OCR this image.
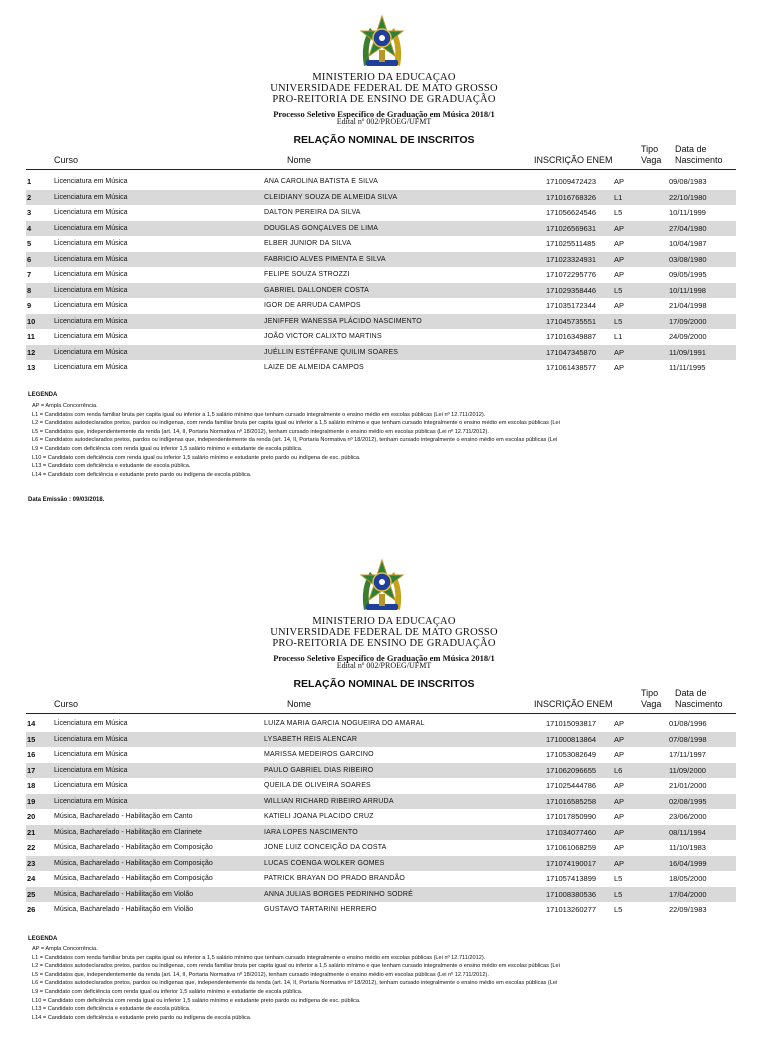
MINISTERIO DA EDUCAÇAO
UNIVERSIDADE FEDERAL DE MATO GROSSO
PRO-REITORIA DE ENSINO DE GRADUAÇÃO
Processo Seletivo Específico de Graduação em Música 2018/1
Edital nº 002/PROEG/UFMT
RELAÇÃO NOMINAL DE INSCRITOS
Curso	Nome	INSCRIÇÃO ENEM
Tipo
Vaga
Data de
Nascimento
LEGENDA
Data Emissão : 09/03/2018.
1	Licenciatura em Música	ANA CAROLINA BATISTA E SILVA	171009472423 AP	09/08/1983
2	Licenciatura em Música	CLEIDIANY SOUZA DE ALMEIDA SILVA	171016768326 L1	22/10/1980
3	Licenciatura em Música	DALTON PEREIRA DA SILVA	171056624546 L5	10/11/1999
4	Licenciatura em Música	DOUGLAS GONÇALVES DE LIMA	171026569631 AP	27/04/1980
5	Licenciatura em Música	ELBER JUNIOR DA SILVA	171025511485 AP	10/04/1987
6	Licenciatura em Música	FABRICIO ALVES PIMENTA E SILVA	171023324931 AP	03/08/1980
7	Licenciatura em Música	FELIPE SOUZA STROZZI	171072295776 AP	09/05/1995
8	Licenciatura em Música	GABRIEL DALLONDER COSTA	171029358446 L5	10/11/1998
9	Licenciatura em Música	IGOR DE ARRUDA CAMPOS	171035172344 AP	21/04/1998
10	Licenciatura em Música	JENIFFER WANESSA PLÁCIDO NASCIMENTO	171045735551 L5	17/09/2000
11	Licenciatura em Música	JOÃO VICTOR CALIXTO MARTINS	171016349887 L1	24/09/2000
12	Licenciatura em Música	JUÉLLIN ESTÉFFANE QUILIM SOARES	171047345870 AP	11/09/1991
13	Licenciatura em Música	LAIZE DE ALMEIDA CAMPOS	171061438577 AP	11/11/1995
AP = Ampla Concorrência.
L1 = Candidatos com renda familiar bruta per capita igual ou inferior a 1,5 salário mínimo que tenham cursado integralmente o ensino médio em escolas públicas (Lei nº 12.711/2012).
L2 = Candidatos autodeclarados pretos, pardos ou indígenas, com renda familiar bruta per capita igual ou inferior a 1,5 salário mínimo e que tenham cursado integralmente o ensino médio em escolas públicas (Lei
L5 = Candidatos que, independentemente da renda (art. 14, II, Portaria Normativa nº 18/2012), tenham cursado integralmente o ensino médio em escolas públicas (Lei nº 12.711/2012).
L6 = Candidatos autodeclarados pretos, pardos ou indígenas que, independentemente da renda (art. 14, II, Portaria Normativa nº 18/2012), tenham cursado integralmente o ensino médio em escolas públicas (Lei
L9 = Candidato com deficiência com renda igual ou inferior 1,5 salário mínimo e estudante de escola pública.
L10 = Candidato com deficiência com renda igual ou inferior 1,5 salário mínimo e estudante preto pardo ou indígena de esc. pública.
L13 = Candidato com deficiência e estudante de escola pública.
L14 = Candidato com deficiência e estudante preto pardo ou indígena de escola pública.
MINISTERIO DA EDUCAÇAO
UNIVERSIDADE FEDERAL DE MATO GROSSO
PRO-REITORIA DE ENSINO DE GRADUAÇÃO
Processo Seletivo Específico de Graduação em Música 2018/1
Edital nº 002/PROEG/UFMT
RELAÇÃO NOMINAL DE INSCRITOS
Curso	Nome	INSCRIÇÃO ENEM
Tipo
Vaga
Data de
Nascimento
LEGENDA
14	Licenciatura em Música	LUIZA MARIA GARCIA NOGUEIRA DO AMARAL	171015093817 AP	01/08/1996
15	Licenciatura em Música	LYSABETH REIS ALENCAR	171000813864 AP	07/08/1998
16	Licenciatura em Música	MARISSA MEDEIROS GARCINO	171053082649 AP	17/11/1997
17	Licenciatura em Música	PAULO GABRIEL DIAS RIBEIRO	171062096655 L6	11/09/2000
18	Licenciatura em Música	QUEILA DE OLIVEIRA SOARES	171025444786 AP	21/01/2000
19	Licenciatura em Música	WILLIAN RICHARD RIBEIRO ARRUDA	171016585258 AP	02/08/1995
20	Música, Bacharelado - Habilitação em Canto	KATIELI JOANA PLACIDO CRUZ	171017850990 AP	23/06/2000
21	Música, Bacharelado - Habilitação em Clarinete	IARA LOPES NASCIMENTO	171034077460 AP	08/11/1994
22	Música, Bacharelado - Habilitação em Composição	JONE LUIZ CONCEIÇÃO DA COSTA	171061068259 AP	11/10/1983
23	Música, Bacharelado - Habilitação em Composição	LUCAS COENGA WOLKER GOMES	171074190017 AP	16/04/1999
24	Música, Bacharelado - Habilitação em Composição	PATRICK BRAYAN DO PRADO BRANDÃO	171057413899 L5	18/05/2000
25	Música, Bacharelado - Habilitação em Violão	ANNA JULIAS BORGES PEDRINHO SODRÉ	171008380536 L5	17/04/2000
26	Música, Bacharelado - Habilitação em Violão	GUSTAVO TARTARINI HERRERO	171013260277 L5	22/09/1983
AP = Ampla Concorrência.
L1 = Candidatos com renda familiar bruta per capita igual ou inferior a 1,5 salário mínimo que tenham cursado integralmente o ensino médio em escolas públicas (Lei nº 12.711/2012).
L2 = Candidatos autodeclarados pretos, pardos ou indígenas, com renda familiar bruta per capita igual ou inferior a 1,5 salário mínimo e que tenham cursado integralmente o ensino médio em escolas públicas (Lei
L5 = Candidatos que, independentemente da renda (art. 14, II, Portaria Normativa nº 18/2012), tenham cursado integralmente o ensino médio em escolas públicas (Lei nº 12.711/2012).
L6 = Candidatos autodeclarados pretos, pardos ou indígenas que, independentemente da renda (art. 14, II, Portaria Normativa nº 18/2012), tenham cursado integralmente o ensino médio em escolas públicas (Lei
L9 = Candidato com deficiência com renda igual ou inferior 1,5 salário mínimo e estudante de escola pública.
L10 = Candidato com deficiência com renda igual ou inferior 1,5 salário mínimo e estudante preto pardo ou indígena de esc. pública.
L13 = Candidato com deficiência e estudante de escola pública.
L14 = Candidato com deficiência e estudante preto pardo ou indígena de escola pública.
